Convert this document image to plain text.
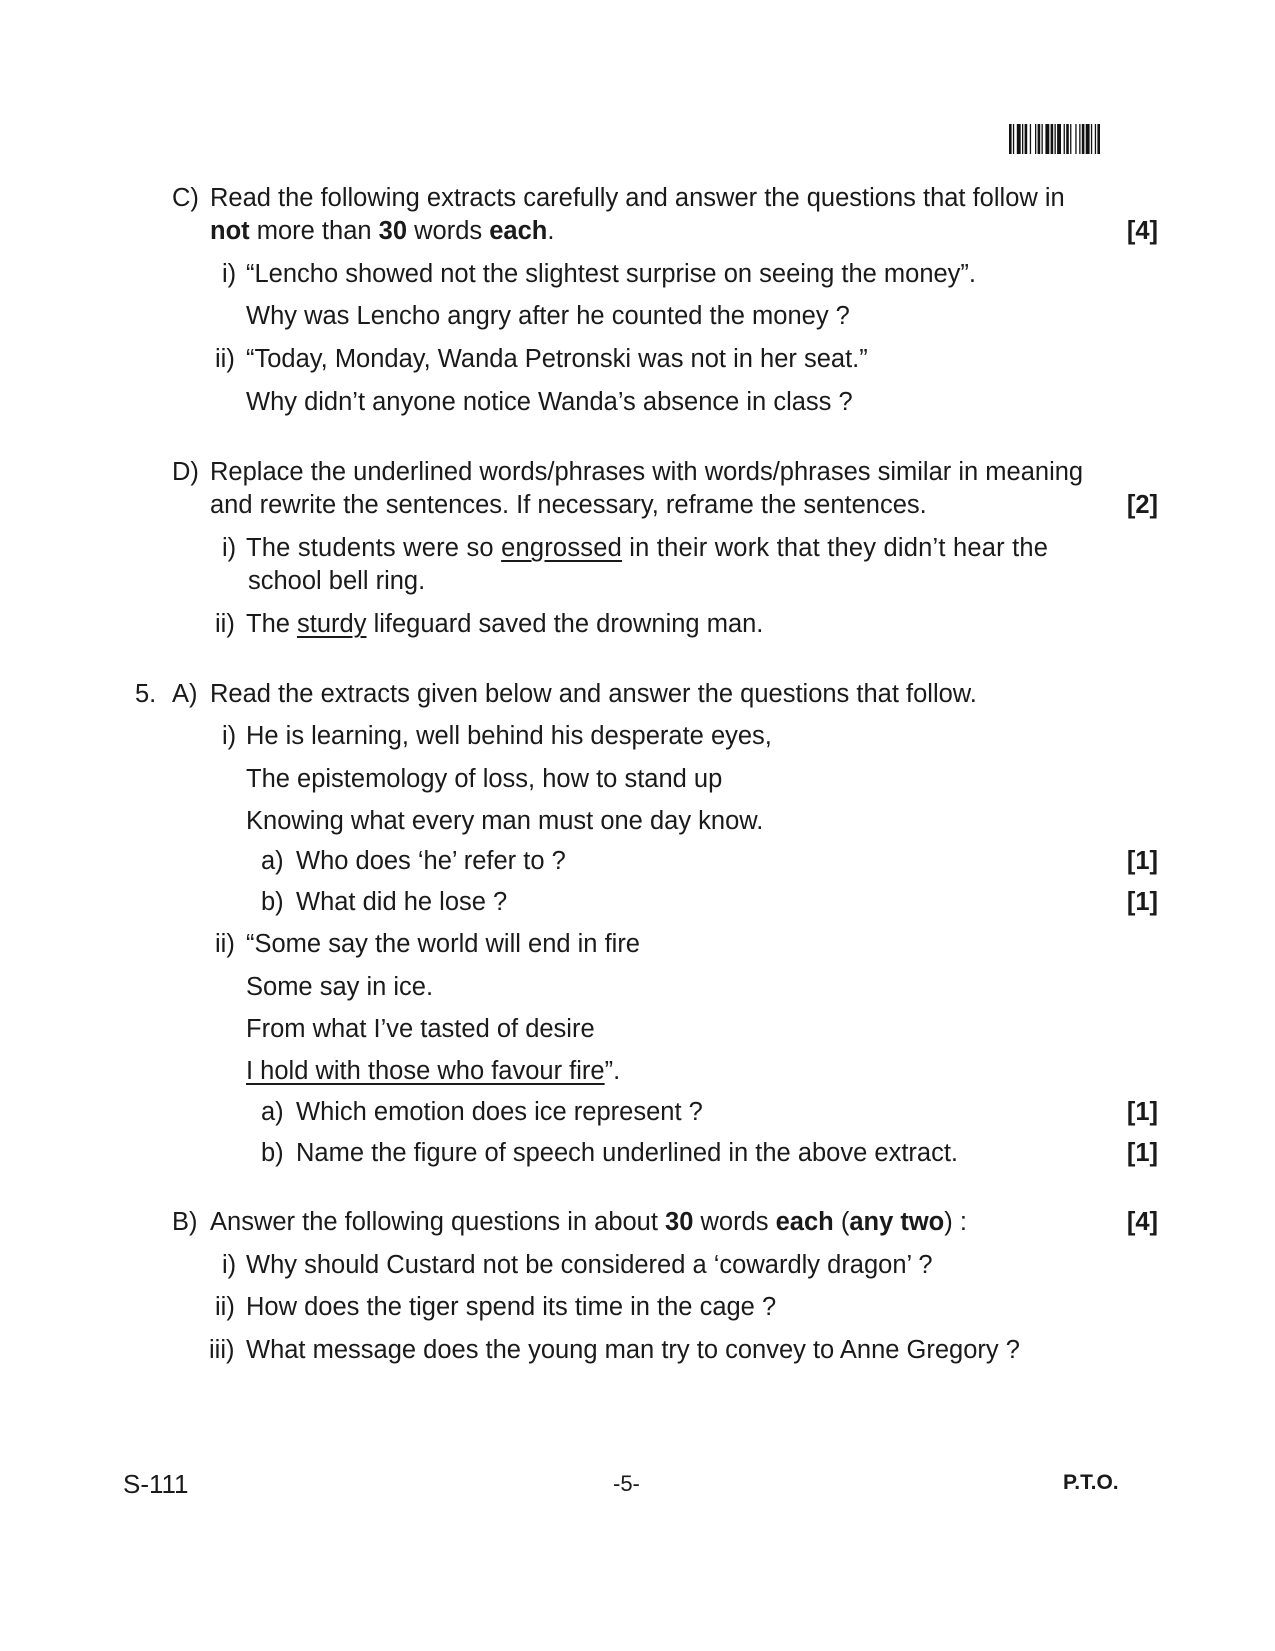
C) Read the following extracts carefully and answer the questions that follow in
not more than 30 words each.	[4]
i) “Lencho showed not the slightest surprise on seeing the money”.
Why was Lencho angry after he counted the money ?
ii) “Today, Monday, Wanda Petronski was not in her seat.”
Why didn’t anyone notice Wanda’s absence in class ?
D) Replace the underlined words/phrases with words/phrases similar in meaning
and rewrite the sentences. If necessary, reframe the sentences.	[2]
i) The students were so engrossed in their work that they didn’t hear the
school bell ring.
ii) The sturdy lifeguard saved the drowning man.
5. A) Read the extracts given below and answer the questions that follow.
i) He is learning, well behind his desperate eyes,
The epistemology of loss, how to stand up
Knowing what every man must one day know.
a) Who does ‘he’ refer to ?	[1]
b) What did he lose ?	[1]
ii) “Some say the world will end in fire
Some say in ice.
From what I’ve tasted of desire
I hold with those who favour fire”.
a) Which emotion does ice represent ?	[1]
b) Name the figure of speech underlined in the above extract.	[1]
B) Answer the following questions in about 30 words each (any two) :	[4]
i) Why should Custard not be considered a ‘cowardly dragon’ ?
ii) How does the tiger spend its time in the cage ?
iii) What message does the young man try to convey to Anne Gregory ?
S-111	-5-	P.T.O.
